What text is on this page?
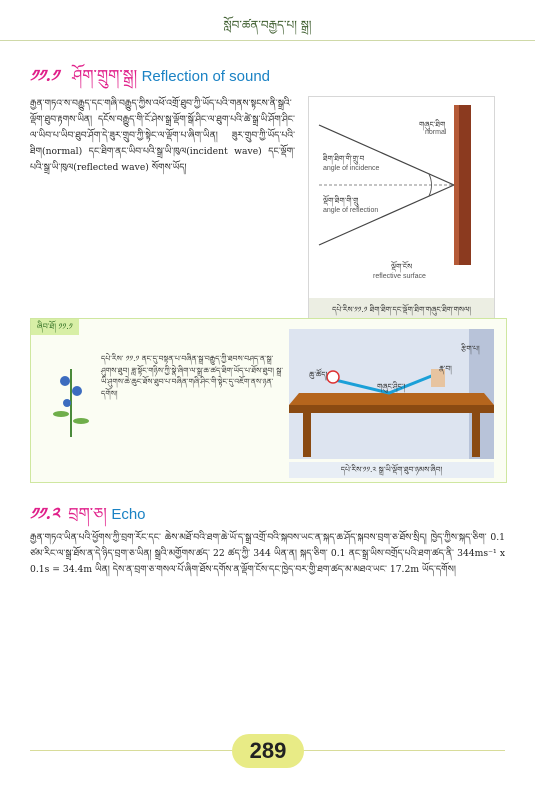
སློབ་ཚན་བརྒྱད་པ། སྒྲ།
༡༡.༡ ཤོག་གྲུག་སྒྲ། Reflection of sound
རྒྱན་གཏའ་ས་བརྒྱུད་དང་གཞི་བརྒྱུད་ཀྱིས་འཕོ་འགྲོ་ཐུབ་ཀྱི་ཡོད་པའི་གནས་སྟངས་ནི་སྒྲའི་ལྡོག་ཐུབ་རྟགས་ཡིན། དངོས་བརྒྱུད་གི་ངོ་ཤེས་སྒྲ་ལྡོག་སྒོ་ཤིང་ལ་ཐུག་པའི་ཚེ་སྒྲ་ཡི་ཤོག་ཤིང་ལ་ཡིབ་པ་ཡིབ་ཐུབ་ཤོག་དེ་ཟུར་གྲུབ་ཀྱི་སྟེང་ལ་ལྡོག་པ་ཞིག་ཡིན། ཟུར་གྲུབ་ཀྱི་ཡོད་པའི་ཐིག(normal) དང་ཐིག་ནང་ཡིབ་པའི་སྒྲ་ཡི་ཁུལ(incident wave) དང་ལྡོག་པའི་སྒྲ་ཡི་ཁུལ(reflected wave) སོགས་ཡོད།
གཞུང་ཐིག
normal
ཐིག་ཐིག་གི་གྲུ་བ
angle of incidence
ལྡོག་ཐིག་གི་གྲུ
angle of reflection
ལྡོག་ངོས
reflective surface
དཔེ་རིས་༡༡.༡ ཐིག་ཐིག་དང་ལྡོག་ཐིག་གཞུང་ཐིག་གསལ།
ཞིབ་ཐོ། ༡༡.༡
དཔེ་རིས་ ༡༡.༡ ནང་དུ་བསྟན་པ་བཞིན་སྒྲ་བརྒྱུད་ཀྱི་ཐབས་བཤད་ན་སྒྲ་ཤུགས་ཐུབ། ཟླ་སྟོང་གཉིས་ཀྱི་སྣེ་ཞིག་ལ་སྒྲ་ཆ་ཚད་ཐིག་ཡོད་པ་ཐོས་ཐུབ། སྒྲ་ཡི་ཤུགས་ཆེ་ཆུང་ཐོས་ཐུབ་པ་བཞིན་གཞི་ཤིང་གི་སྟེང་དུ་འཇོག་ནས་ཉན་དགོས།
ཆུ་ཚོད།
རྣ་བ།
རྩིག་པ།
གཞུང་ཤིང་།
དཔེ་རིས་༡༡.༢ སྒྲ་ཡི་ལྡོག་ཐུབ་ཉམས་ཞིབ།
༡༡.༢ བྲག་ཅ། Echo
རྒྱན་གཏའ་ཡིན་པའི་ཕྱོགས་ཀྱི་བྲག་རོང་དང་ ཆེས་མཐོ་བའི་ཐག་ཆེ་ཡོ་ད་སྒྲ་འགྲོ་བའི་སྐབས་ཡང་ན་སྐད་ཆ་ཤོད་སྐབས་བྲག་ཅ་ཐོས་སྲིད། ཁྱེད་ཀྱིས་སྐད་ཅིག་ 0.1 ཙམ་རིང་ལ་སྒྲ་ཐོས་ན་དེ་ཉིད་བྲག་ཅ་ཡིན། སྒྲའི་མགྱོགས་ཚད་ 22 ཚད་ཀྱི་ 344 ཡིན་ན། སྐད་ཅིག་ 0.1 ནང་སྒྲ་ཡིས་བགྲོད་པའི་ཐག་ཚད་ནི་ 344ms⁻¹ x 0.1s = 34.4m ཡིན། དེས་ན་བྲག་ཅ་གསལ་པོ་ཞིག་ཐོས་དགོས་ན་ལྡོག་ངོས་དང་ཁྱེད་བར་གྱི་ཐག་ཚད་མ་མཐའ་ཡང་ 17.2m ཡོད་དགོས།
289
